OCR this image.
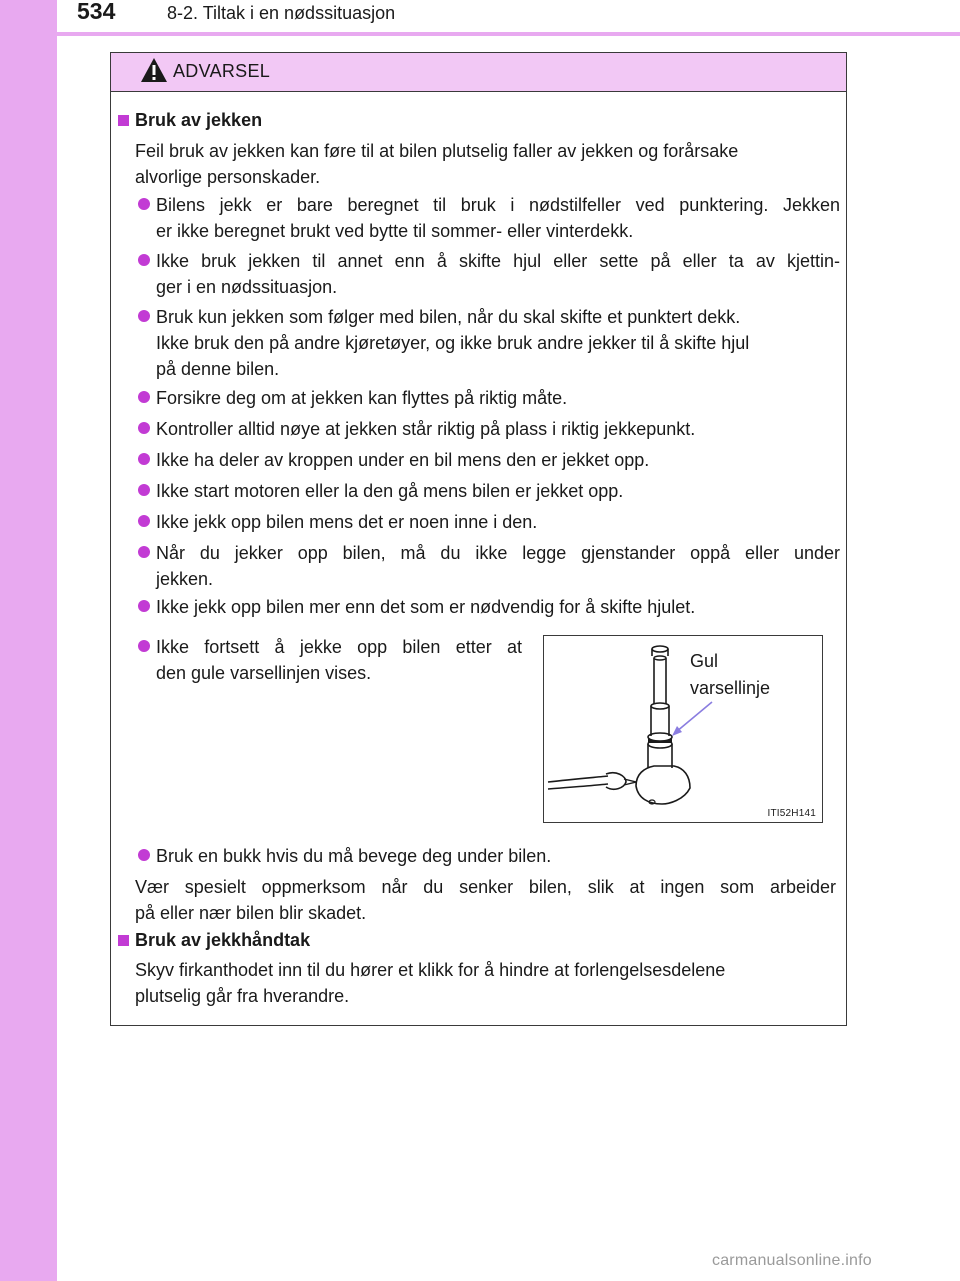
534	8-2. Tiltak i en nødssituasjon
ADVARSEL
Bruk av jekken
Feil bruk av jekken kan føre til at bilen plutselig faller av jekken og forårsake
alvorlige personskader.
Bilens jekk er bare beregnet til bruk i nødstilfeller ved punktering. Jekken
er ikke beregnet brukt ved bytte til sommer- eller vinterdekk.
Ikke bruk jekken til annet enn å skifte hjul eller sette på eller ta av kjettin-
ger i en nødssituasjon.
Bruk kun jekken som følger med bilen, når du skal skifte et punktert dekk.
Ikke bruk den på andre kjøretøyer, og ikke bruk andre jekker til å skifte hjul
på denne bilen.
Forsikre deg om at jekken kan flyttes på riktig måte.
Kontroller alltid nøye at jekken står riktig på plass i riktig jekkepunkt.
Ikke ha deler av kroppen under en bil mens den er jekket opp.
Ikke start motoren eller la den gå mens bilen er jekket opp.
Ikke jekk opp bilen mens det er noen inne i den.
Når du jekker opp bilen, må du ikke legge gjenstander oppå eller under
jekken.
Ikke jekk opp bilen mer enn det som er nødvendig for å skifte hjulet.
Ikke fortsett å jekke opp bilen etter at
den gule varsellinjen vises.
Gul
varsellinje
ITI52H141
Bruk en bukk hvis du må bevege deg under bilen.
Vær spesielt oppmerksom når du senker bilen, slik at ingen som arbeider
på eller nær bilen blir skadet.
Bruk av jekkhåndtak
Skyv firkanthodet inn til du hører et klikk for å hindre at forlengelsesdelene
plutselig går fra hverandre.
carmanualsonline.info
